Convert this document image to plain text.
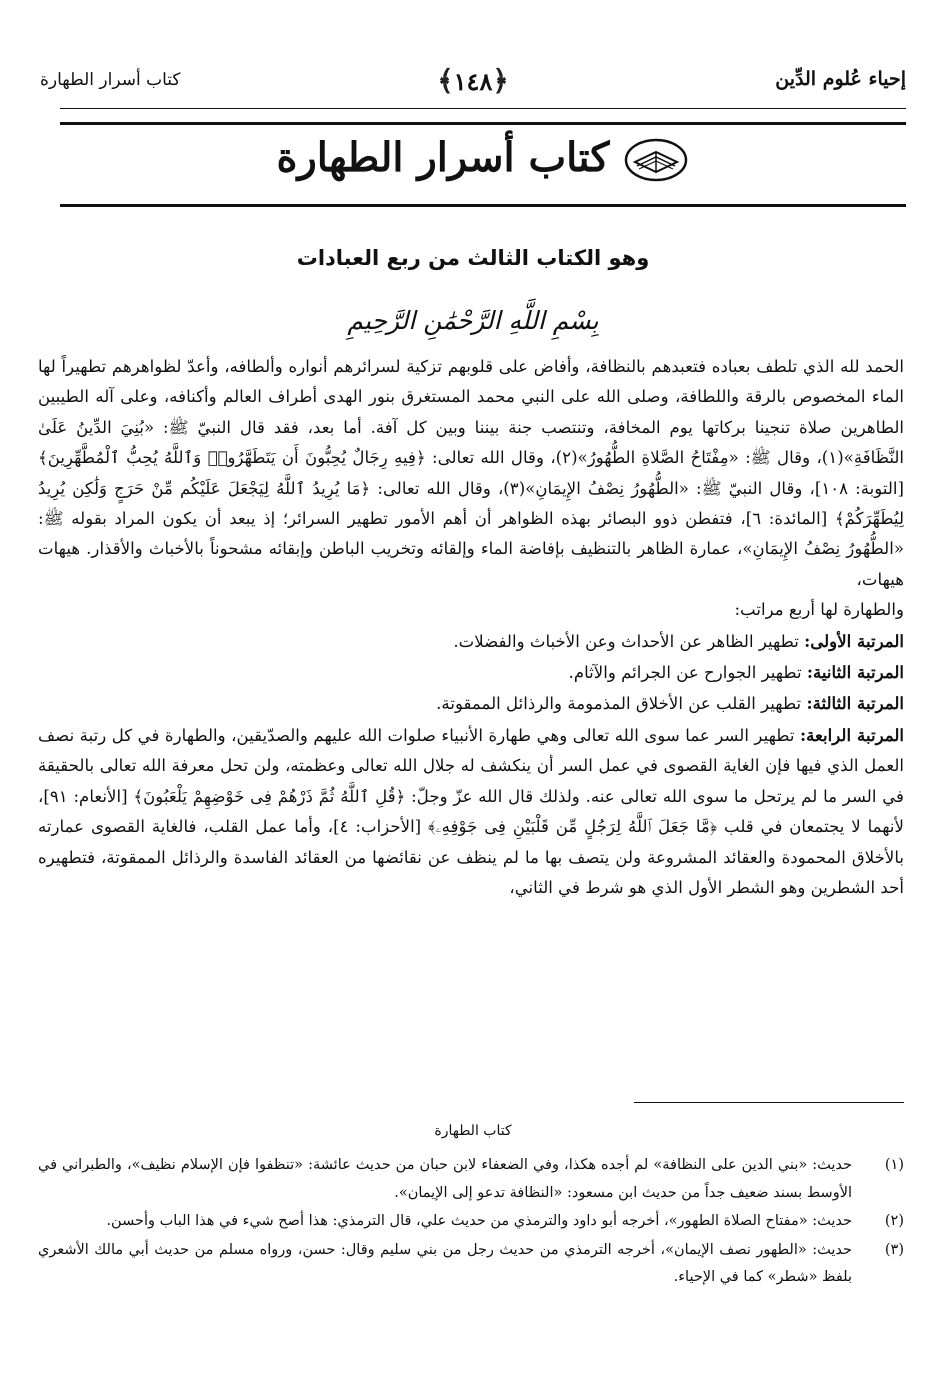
إحياء عُلوم الدِّين
﴿١٤٨﴾
كتاب أسرار الطهارة
كتاب أسرار الطهارة
وهو الكتاب الثالث من ربع العبادات
بِسْمِ اللَّهِ الرَّحْمَٰنِ الرَّحِيمِ

الحمد لله الذي تلطف بعباده فتعبدهم بالنظافة، وأفاض على قلوبهم تزكية لسرائرهم أنواره وألطافه، وأعدّ لظواهرهم تطهيراً لها الماء المخصوص بالرقة واللطافة، وصلى الله على النبي محمد المستغرق بنور الهدى أطراف العالم وأكنافه، وعلى آله الطيبين الطاهرين صلاة تنجينا بركاتها يوم المخافة، وتنتصب جنة بيننا وبين كل آفة. أما بعد، فقد قال النبيّ ﷺ: «بُنِيَ الدِّينُ عَلَىٰ النَّظَافَةِ»(١)، وقال ﷺ: «مِفْتَاحُ الصَّلاةِ الطُّهُورُ»(٢)، وقال الله تعالى: ﴿فِيهِ رِجَالٌ يُحِبُّونَ أَن يَتَطَهَّرُوا۟ وَٱللَّهُ يُحِبُّ ٱلْمُطَّهِّرِينَ﴾ [التوبة: ١٠٨]، وقال النبيّ ﷺ: «الطُّهُورُ نِصْفُ الإِيمَانِ»(٣)، وقال الله تعالى: ﴿مَا يُرِيدُ ٱللَّهُ لِيَجْعَلَ عَلَيْكُم مِّنْ حَرَجٍ وَلَٰكِن يُرِيدُ لِيُطَهِّرَكُمْ﴾ [المائدة: ٦]، فتفطن ذوو البصائر بهذه الظواهر أن أهم الأمور تطهير السرائر؛ إذ يبعد أن يكون المراد بقوله ﷺ: «الطُّهُورُ نِصْفُ الإِيمَانِ»، عمارة الظاهر بالتنظيف بإفاضة الماء وإلقائه وتخريب الباطن وإبقائه مشحوناً بالأخباث والأقذار. هيهات هيهات،

والطهارة لها أربع مراتب:

المرتبة الأولى: تطهير الظاهر عن الأحداث وعن الأخباث والفضلات.

المرتبة الثانية: تطهير الجوارح عن الجرائم والآثام.

المرتبة الثالثة: تطهير القلب عن الأخلاق المذمومة والرذائل الممقوتة.

المرتبة الرابعة: تطهير السر عما سوى الله تعالى وهي طهارة الأنبياء صلوات الله عليهم والصدّيقين، والطهارة في كل رتبة نصف العمل الذي فيها فإن الغاية القصوى في عمل السر أن ينكشف له جلال الله تعالى وعظمته، ولن تحل معرفة الله تعالى بالحقيقة في السر ما لم يرتحل ما سوى الله تعالى عنه. ولذلك قال الله عزّ وجلّ: ﴿قُلِ ٱللَّهُ ثُمَّ ذَرْهُمْ فِى خَوْضِهِمْ يَلْعَبُونَ﴾ [الأنعام: ٩١]، لأنهما لا يجتمعان في قلب ﴿مَّا جَعَلَ ٱللَّهُ لِرَجُلٍ مِّن قَلْبَيْنِ فِى جَوْفِهِۦ﴾ [الأحزاب: ٤]، وأما عمل القلب، فالغاية القصوى عمارته بالأخلاق المحمودة والعقائد المشروعة ولن يتصف بها ما لم ينظف عن نقائضها من العقائد الفاسدة والرذائل الممقوتة، فتطهيره أحد الشطرين وهو الشطر الأول الذي هو شرط في الثاني،

كتاب الطهارة
(١)
حديث: «بني الدين على النظافة» لم أجده هكذا، وفي الضعفاء لابن حبان من حديث عائشة: «تنظفوا فإن الإسلام نظيف»، والطبراني في الأوسط بسند ضعيف جداً من حديث ابن مسعود: «النظافة تدعو إلى الإيمان».
(٢)
حديث: «مفتاح الصلاة الطهور»، أخرجه أبو داود والترمذي من حديث علي، قال الترمذي: هذا أصح شيء في هذا الباب وأحسن.
(٣)
حديث: «الطهور نصف الإيمان»، أخرجه الترمذي من حديث رجل من بني سليم وقال: حسن، ورواه مسلم من حديث أبي مالك الأشعري بلفظ «شطر» كما في الإحياء.
